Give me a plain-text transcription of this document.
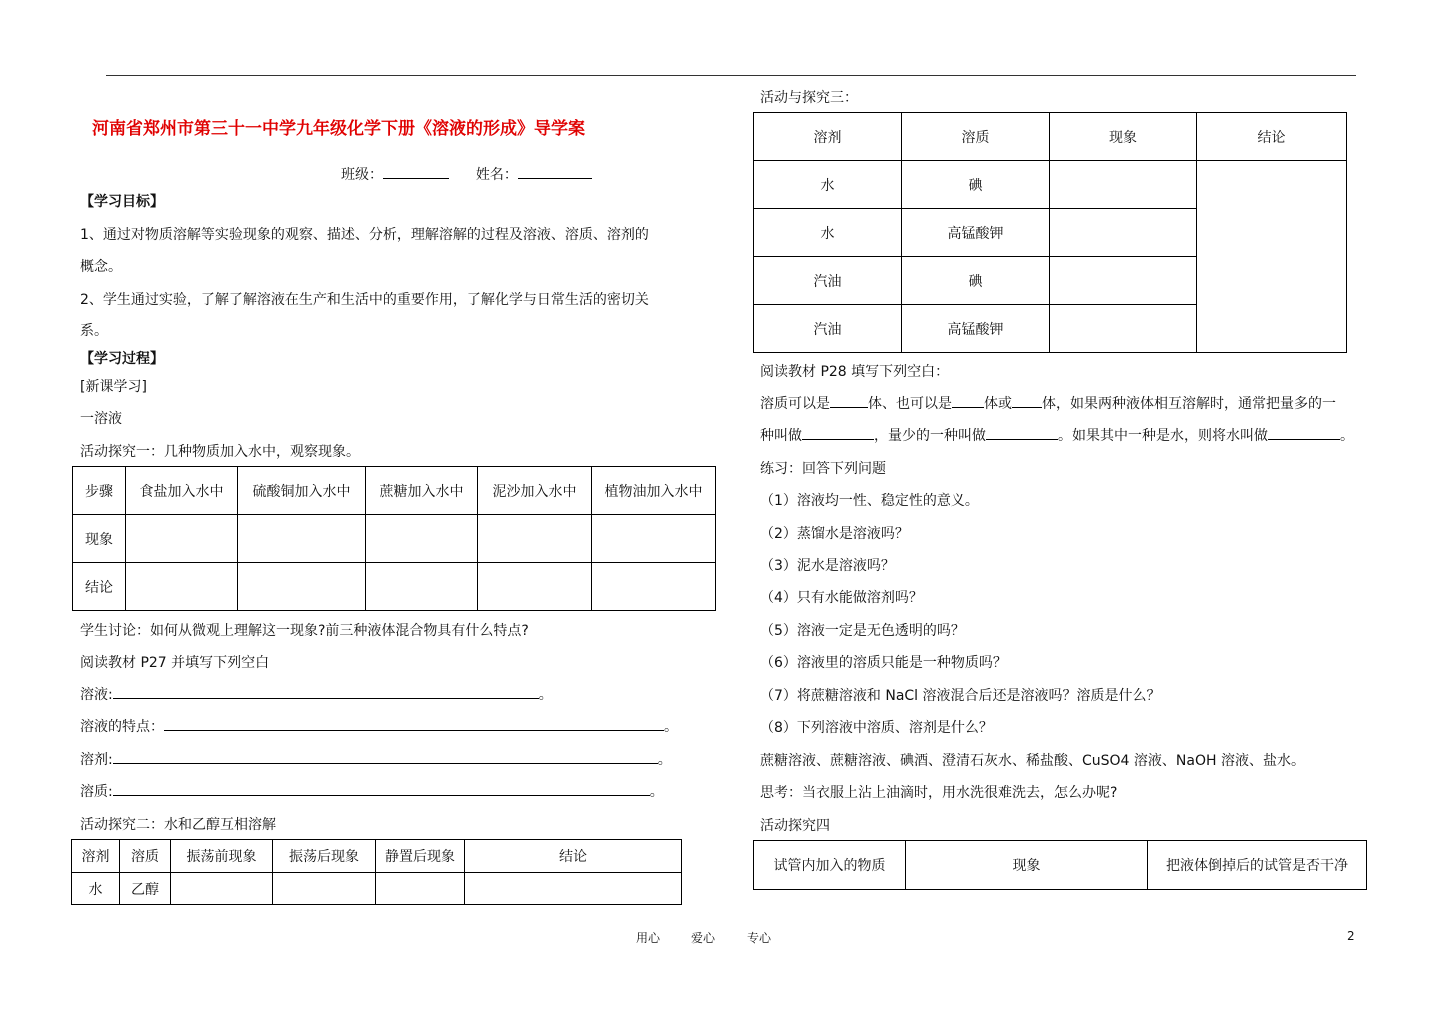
河南省郑州市第三十一中学九年级化学下册《溶液的形成》导学案
班级：	姓名：
【学习目标】
1、通过对物质溶解等实验现象的观察、描述、分析，理解溶解的过程及溶液、溶质、溶剂的
概念。
2、学生通过实验，了解了解溶液在生产和生活中的重要作用，了解化学与日常生活的密切关
系。
【学习过程】
[新课学习]
一溶液
活动探究一：几种物质加入水中，观察现象。
步骤	食盐加入水中	硫酸铜加入水中	蔗糖加入水中	泥沙加入水中	植物油加入水中
现象					
结论					
学生讨论：如何从微观上理解这一现象?前三种液体混合物具有什么特点?
阅读教材 P27 并填写下列空白
溶液:	。
溶液的特点：	。
溶剂:	。
溶质:	。
活动探究二：水和乙醇互相溶解
溶剂	溶质	振荡前现象	振荡后现象	静置后现象	结论
水	乙醇				
活动与探究三：
溶剂	溶质	现象	结论
水	碘		
水	高锰酸钾		
汽油	碘		
汽油	高锰酸钾		
阅读教材 P28 填写下列空白：
溶质可以是	体、也可以是 体或 体，如果两种液体相互溶解时，通常把量多的一
种叫做	，量少的一种叫做	。如果其中一种是水，则将水叫做	。
练习：回答下列问题
（1）溶液均一性、稳定性的意义。
（2）蒸馏水是溶液吗？
（3）泥水是溶液吗？
（4）只有水能做溶剂吗？
（5）溶液一定是无色透明的吗？
（6）溶液里的溶质只能是一种物质吗？
（7）将蔗糖溶液和 NaCl 溶液混合后还是溶液吗？溶质是什么？
（8）下列溶液中溶质、溶剂是什么？
蔗糖溶液、蔗糖溶液、碘酒、澄清石灰水、稀盐酸、CuSO4 溶液、NaOH 溶液、盐水。
思考：当衣服上沾上油滴时，用水洗很难洗去，怎么办呢?
活动探究四
试管内加入的物质	现象	把液体倒掉后的试管是否干净
用心	爱心	专心	2
